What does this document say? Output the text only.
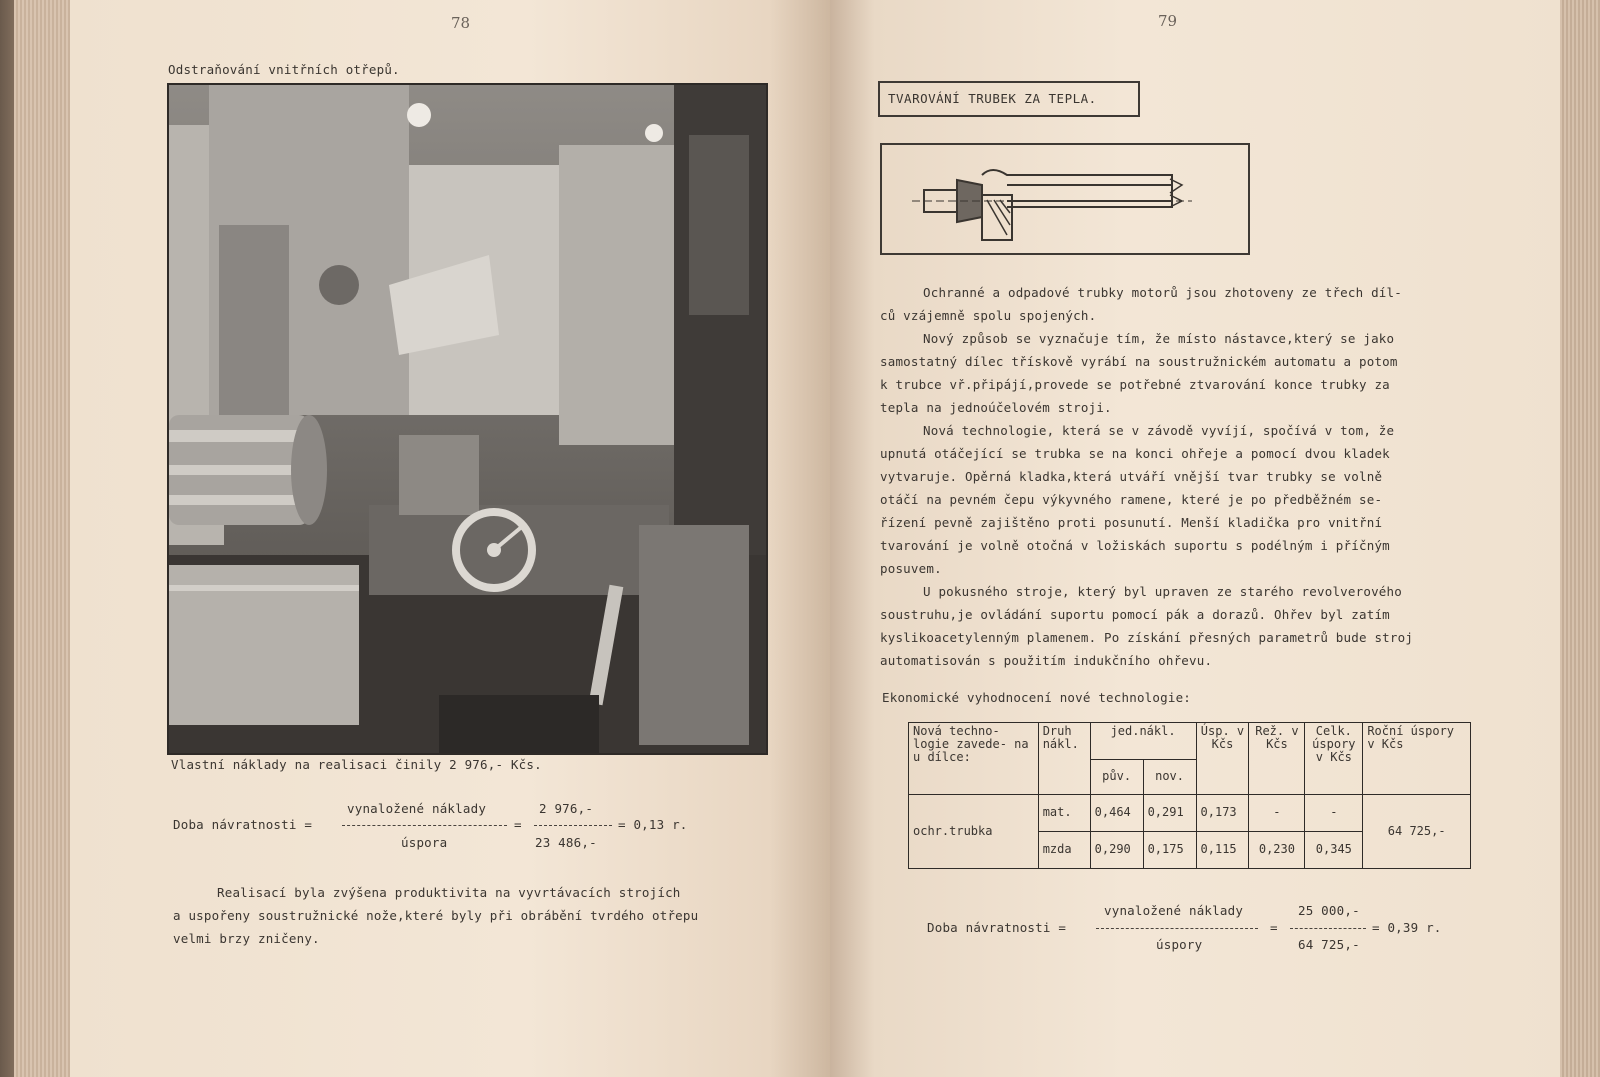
78
Odstraňování vnitřních otřepů.
Vlastní náklady na realisaci činily 2 976,- Kčs.
vynaložené náklady	2 976,-
Doba návratnosti =	=	= 0,13 r.
úspora	23 486,-
Realisací byla zvýšena produktivita na vyvrtávacích strojích
a uspořeny soustružnické nože,které byly při obrábění tvrdého otřepu
velmi brzy zničeny.
79
TVAROVÁNÍ TRUBEK ZA TEPLA.
Ochranné a odpadové trubky motorů jsou zhotoveny ze třech díl-
ců vzájemně spolu spojených.
Nový způsob se vyznačuje tím, že místo nástavce,který se jako
samostatný dílec třískově vyrábí na soustružnickém automatu a potom
k trubce vř.připájí,provede se potřebné ztvarování konce trubky za
tepla na jednoúčelovém stroji.
Nová technologie, která se v závodě vyvíjí, spočívá v tom, že
upnutá otáčející se trubka se na konci ohřeje a pomocí dvou kladek
vytvaruje. Opěrná kladka,která utváří vnější tvar trubky se volně
otáčí na pevném čepu výkyvného ramene, které je po předběžném se-
řízení pevně zajištěno proti posunutí. Menší kladička pro vnitřní
tvarování je volně otočná v ložiskách suportu s podélným i příčným
posuvem.
U pokusného stroje, který byl upraven ze starého revolverového
soustruhu,je ovládání suportu pomocí pák a dorazů. Ohřev byl zatím
kyslikoacetylenným plamenem. Po získání přesných parametrů bude stroj
automatisován s použitím indukčního ohřevu.
Ekonomické vyhodnocení nové technologie:
Nová techno- logie zavede- na u dílce:	Druh nákl.	jed.nákl.		Úsp. v Kčs	Rež. v Kčs	Celk. úspory v Kčs	Roční úspory v Kčs
		pův.	nov.				
ochr.trubka	mat.	0,464	0,291	0,173	-	-	64 725,-
	mzda	0,290	0,175	0,115	0,230	0,345	
vynaložené náklady	25 000,-
Doba návratnosti =	=	= 0,39 r.
úspory	64 725,-
